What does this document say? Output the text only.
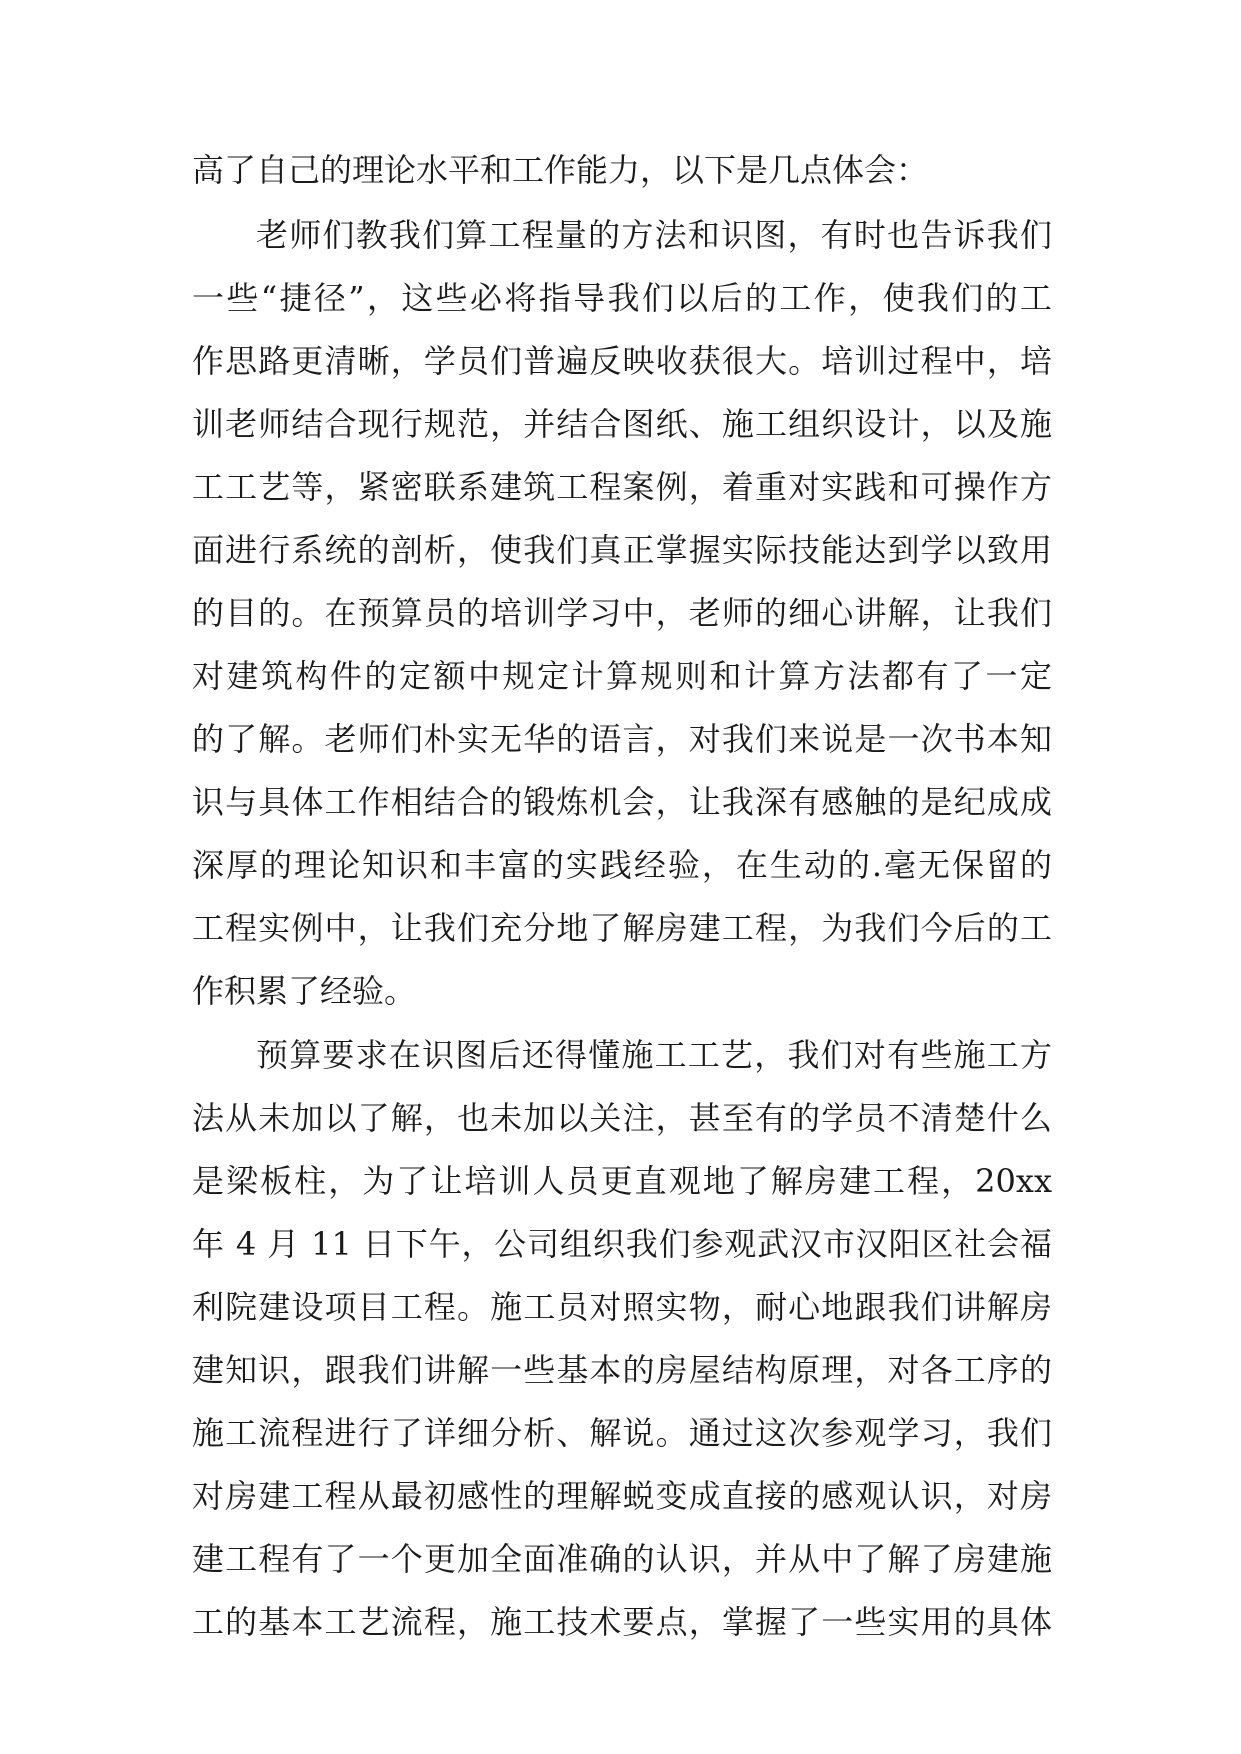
高了自己的理论水平和工作能力，以下是几点体会：
老师们教我们算工程量的方法和识图，有时也告诉我们
一些“捷径”，这些必将指导我们以后的工作，使我们的工
作思路更清晰，学员们普遍反映收获很大。培训过程中，培
训老师结合现行规范，并结合图纸、施工组织设计，以及施
工工艺等，紧密联系建筑工程案例，着重对实践和可操作方
面进行系统的剖析，使我们真正掌握实际技能达到学以致用
的目的。在预算员的培训学习中，老师的细心讲解，让我们
对建筑构件的定额中规定计算规则和计算方法都有了一定
的了解。老师们朴实无华的语言，对我们来说是一次书本知
识与具体工作相结合的锻炼机会，让我深有感触的是纪成成
深厚的理论知识和丰富的实践经验，在生动的.毫无保留的
工程实例中，让我们充分地了解房建工程，为我们今后的工
作积累了经验。
预算要求在识图后还得懂施工工艺，我们对有些施工方
法从未加以了解，也未加以关注，甚至有的学员不清楚什么
是梁板柱，为了让培训人员更直观地了解房建工程，20xx
年 4 月 11 日下午，公司组织我们参观武汉市汉阳区社会福
利院建设项目工程。施工员对照实物，耐心地跟我们讲解房
建知识，跟我们讲解一些基本的房屋结构原理，对各工序的
施工流程进行了详细分析、解说。通过这次参观学习，我们
对房建工程从最初感性的理解蜕变成直接的感观认识，对房
建工程有了一个更加全面准确的认识，并从中了解了房建施
工的基本工艺流程，施工技术要点，掌握了一些实用的具体
